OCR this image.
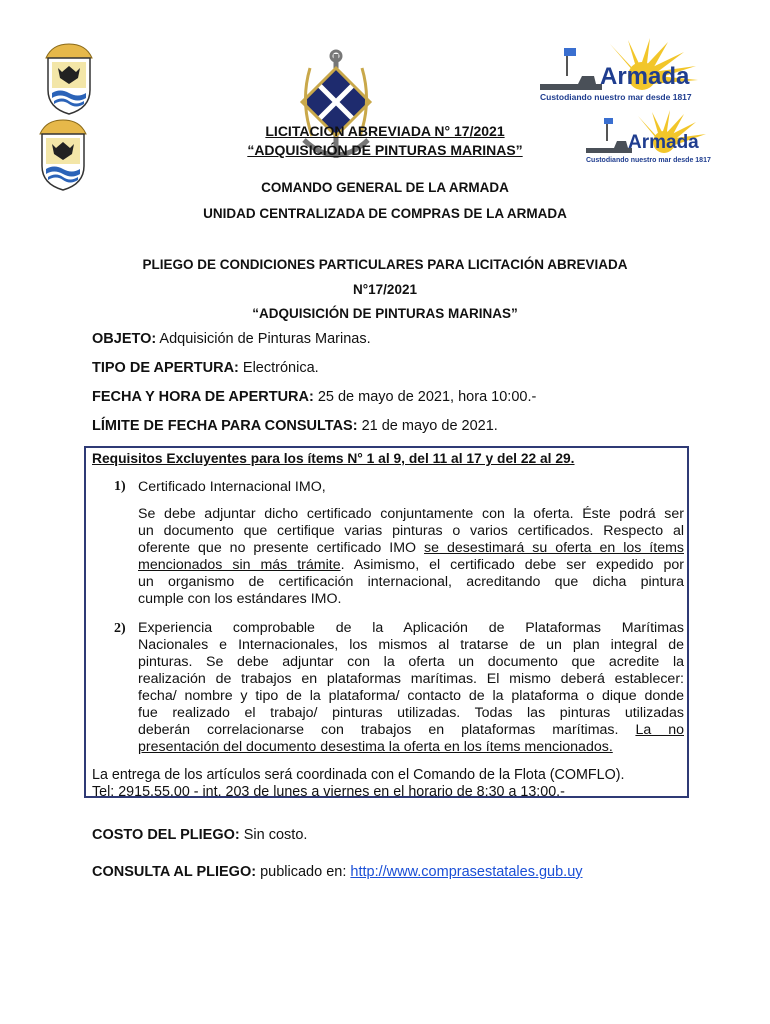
Armada
Custodiando nuestro mar desde 1817
Armada
Custodiando nuestro mar desde 1817
LICITACION ABREVIADA N° 17/2021
“ADQUISICIÓN DE PINTURAS MARINAS”
COMANDO GENERAL DE LA ARMADA
UNIDAD CENTRALIZADA DE COMPRAS DE LA ARMADA
PLIEGO DE CONDICIONES PARTICULARES PARA LICITACIÓN ABREVIADA
N°17/2021
“ADQUISICIÓN DE PINTURAS MARINAS”
OBJETO: Adquisición de Pinturas Marinas.
TIPO DE APERTURA: Electrónica.
FECHA Y HORA DE APERTURA: 25 de mayo de 2021, hora 10:00.-
LÍMITE DE FECHA PARA CONSULTAS: 21 de mayo de 2021.
Requisitos Excluyentes para los ítems N° 1 al 9, del 11 al 17 y del 22 al 29.
1) Certificado Internacional IMO,
Se debe adjuntar dicho certificado conjuntamente con la oferta. Éste podrá ser
un documento que certifique varias pinturas o varios certificados. Respecto al
oferente que no presente certificado IMO se desestimará su oferta en los ítems
mencionados sin más trámite. Asimismo, el certificado debe ser expedido por
un organismo de certificación internacional, acreditando que dicha pintura
cumple con los estándares IMO.
2) Experiencia comprobable de la Aplicación de Plataformas Marítimas
Nacionales e Internacionales, los mismos al tratarse de un plan integral de
pinturas. Se debe adjuntar con la oferta un documento que acredite la
realización de trabajos en plataformas marítimas. El mismo deberá establecer:
fecha/ nombre y tipo de la plataforma/ contacto de la plataforma o dique donde
fue realizado el trabajo/ pinturas utilizadas. Todas las pinturas utilizadas
deberán correlacionarse con trabajos en plataformas marítimas. La no
presentación del documento desestima la oferta en los ítems mencionados.
La entrega de los artículos será coordinada con el Comando de la Flota (COMFLO).
Tel: 2915.55.00 - int. 203 de lunes a viernes en el horario de 8:30 a 13:00.-
COSTO DEL PLIEGO: Sin costo.
CONSULTA AL PLIEGO: publicado en: http://www.comprasestatales.gub.uy
